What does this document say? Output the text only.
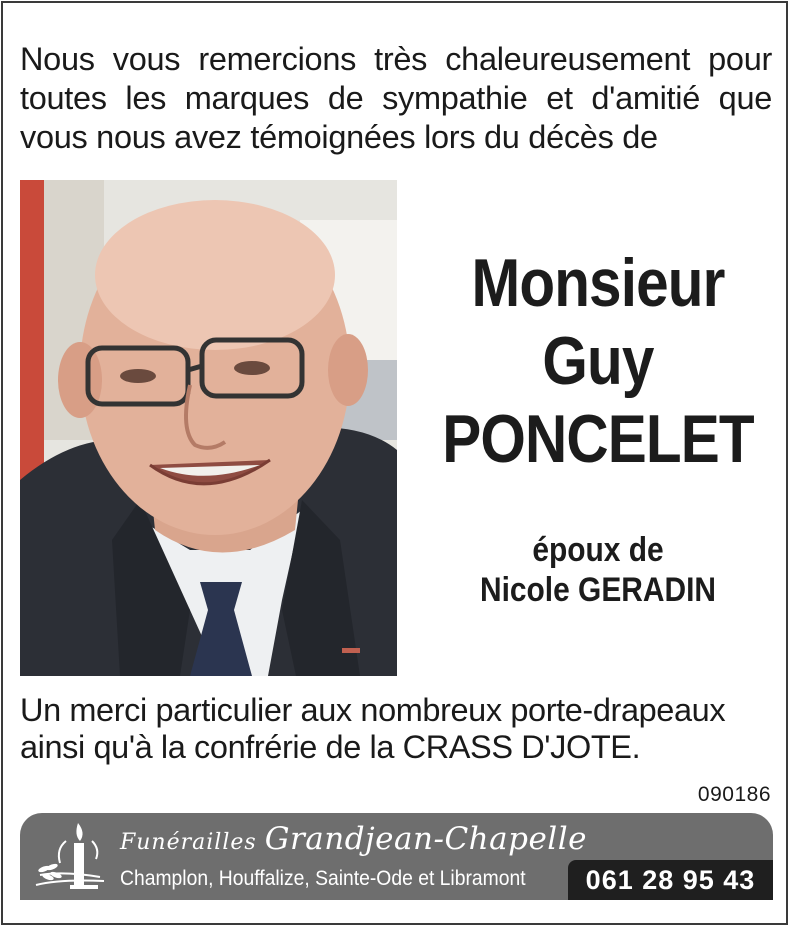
Nous vous remercions très chaleureusement pour toutes les marques de sympathie et d'amitié que vous nous avez témoignées lors du décès de

Monsieur
Guy
PONCELET
époux de
Nicole GERADIN

Un merci particulier aux nombreux porte-drapeaux ainsi qu'à la confrérie de la CRASS D'JOTE.

090186
Funérailles Grandjean-Chapelle
Champlon, Houffalize, Sainte-Ode et Libramont	061 28 95 43
